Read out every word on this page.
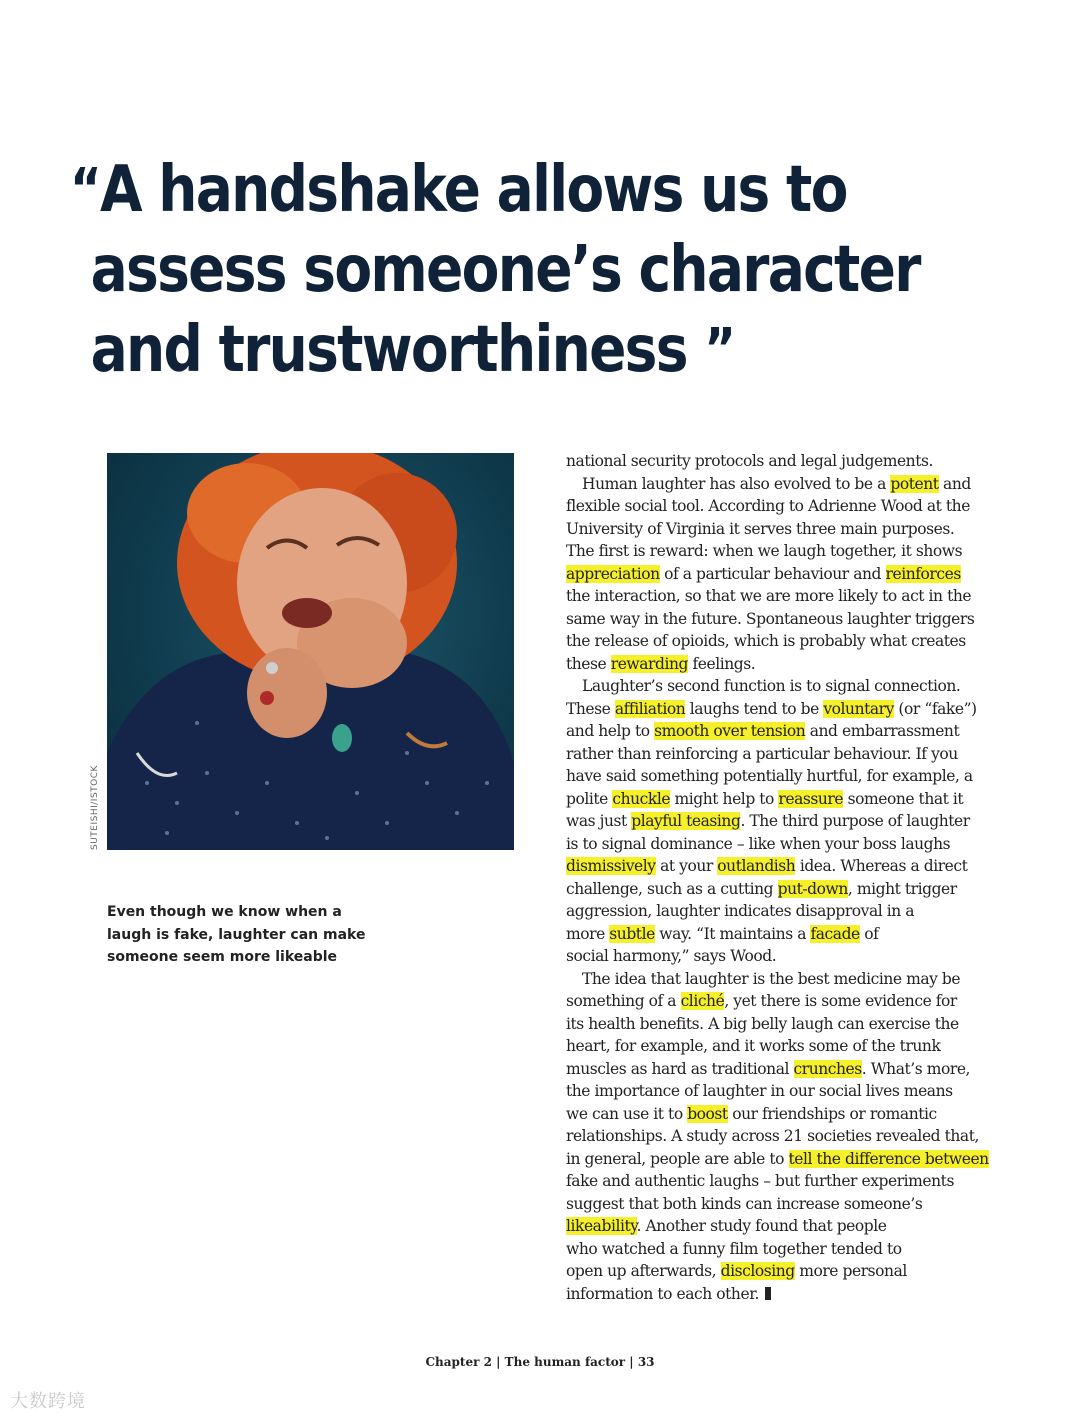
“A handshake allows us to
assess someone’s character
and trustworthiness ”
SUTEISHI/ISTOCK
Even though we know when a
laugh is fake, laughter can make
someone seem more likeable
national security protocols and legal judgements.
Human laughter has also evolved to be a potent and
flexible social tool. According to Adrienne Wood at the
University of Virginia it serves three main purposes.
The first is reward: when we laugh together, it shows
appreciation of a particular behaviour and reinforces
the interaction, so that we are more likely to act in the
same way in the future. Spontaneous laughter triggers
the release of opioids, which is probably what creates
these rewarding feelings.
Laughter’s second function is to signal connection.
These affiliation laughs tend to be voluntary (or “fake”)
and help to smooth over tension and embarrassment
rather than reinforcing a particular behaviour. If you
have said something potentially hurtful, for example, a
polite chuckle might help to reassure someone that it
was just playful teasing. The third purpose of laughter
is to signal dominance – like when your boss laughs
dismissively at your outlandish idea. Whereas a direct
challenge, such as a cutting put-down, might trigger
aggression, laughter indicates disapproval in a
more subtle way. “It maintains a facade of
social harmony,” says Wood.
The idea that laughter is the best medicine may be
something of a cliché, yet there is some evidence for
its health benefits. A big belly laugh can exercise the
heart, for example, and it works some of the trunk
muscles as hard as traditional crunches. What’s more,
the importance of laughter in our social lives means
we can use it to boost our friendships or romantic
relationships. A study across 21 societies revealed that,
in general, people are able to tell the difference between
fake and authentic laughs – but further experiments
suggest that both kinds can increase someone’s
likeability. Another study found that people
who watched a funny film together tended to
open up afterwards, disclosing more personal
information to each other.
Chapter 2 | The human factor | 33
大数跨境
